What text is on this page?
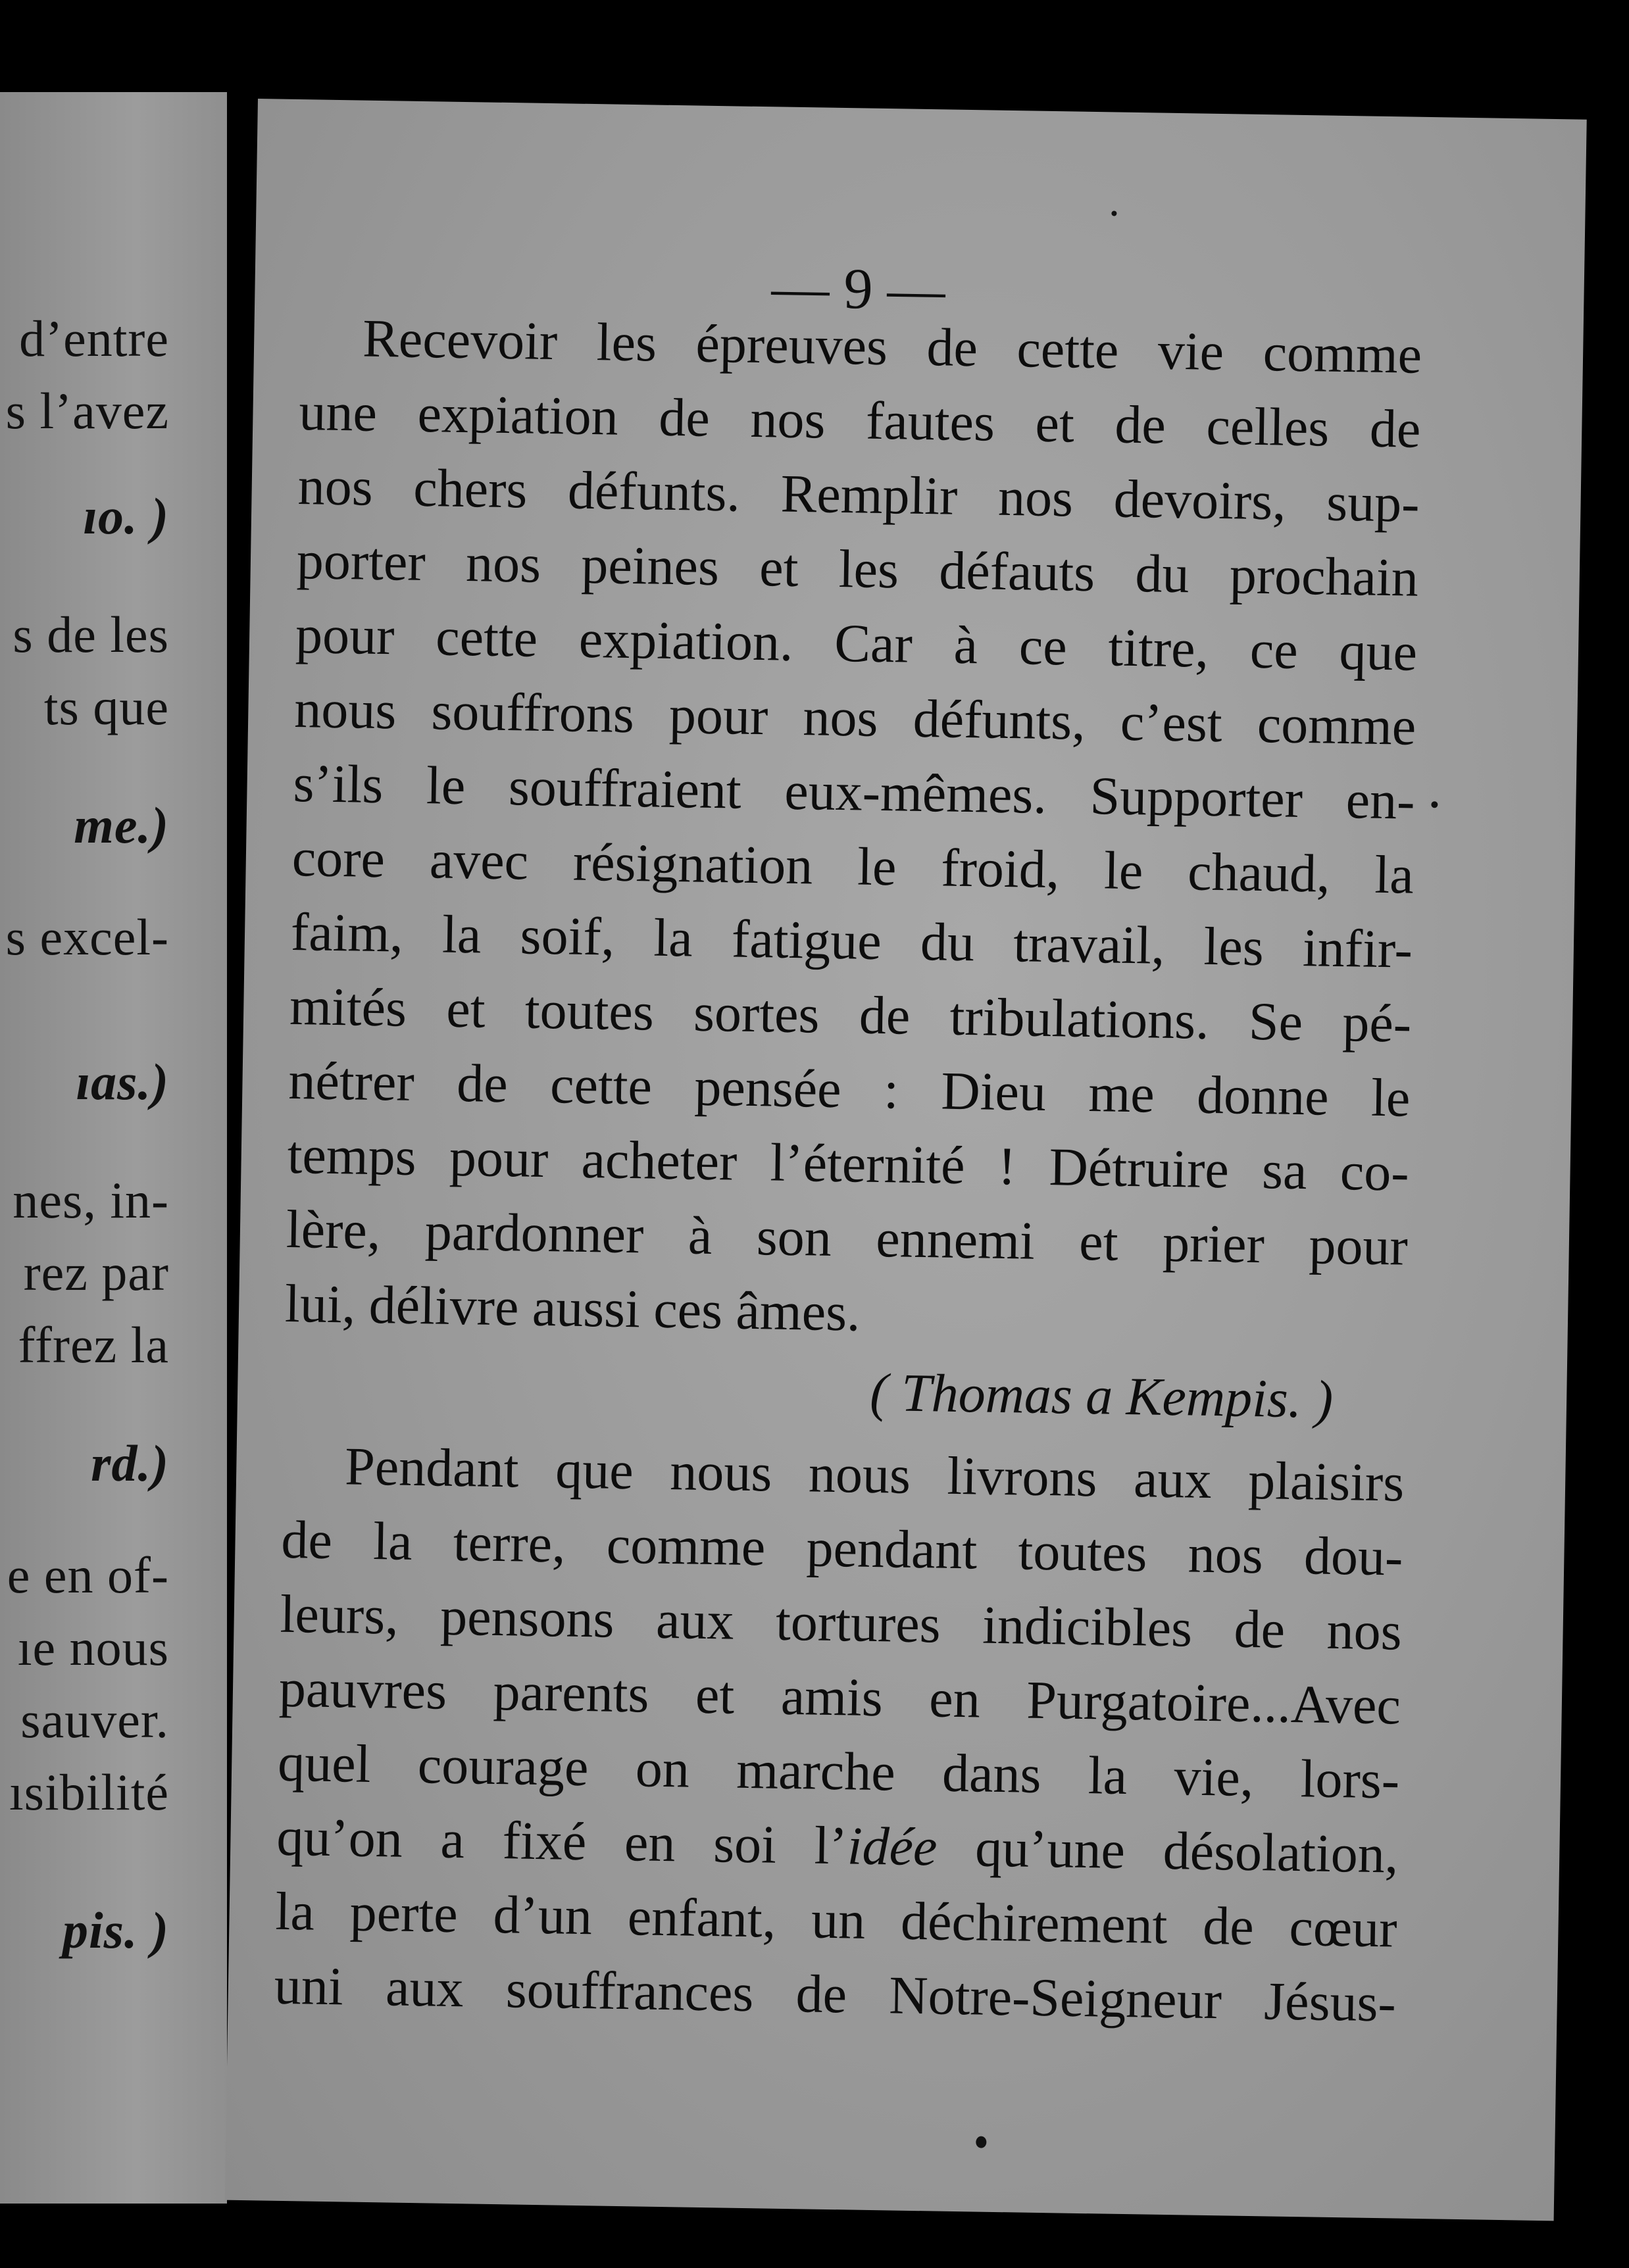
d’entre
s l’avez
ıo. )
s de les
ts que
me.)
s excel-
ıas.)
nes, in-
rez par
ffrez la
rd.)
e en of-
ıe nous
sauver.
ısibilité
pis. )
— 9 —
Recevoir les épreuves de cette vie comme
une expiation de nos fautes et de celles de
nos chers défunts. Remplir nos devoirs, sup-
porter nos peines et les défauts du prochain
pour cette expiation. Car à ce titre, ce que
nous souffrons pour nos défunts, c’est comme
s’ils le souffraient eux-mêmes. Supporter en-
core avec résignation le froid, le chaud, la
faim, la soif, la fatigue du travail, les infir-
mités et toutes sortes de tribulations. Se pé-
nétrer de cette pensée : Dieu me donne le
temps pour acheter l’éternité ! Détruire sa co-
lère, pardonner à son ennemi et prier pour
lui, délivre aussi ces âmes.
( Thomas a Kempis. )
Pendant que nous nous livrons aux plaisirs
de la terre, comme pendant toutes nos dou-
leurs, pensons aux tortures indicibles de nos
pauvres parents et amis en Purgatoire...Avec
quel courage on marche dans la vie, lors-
qu’on a fixé en soi l’idée qu’une désolation,
la perte d’un enfant, un déchirement de cœur
uni aux souffrances de Notre-Seigneur Jésus-
